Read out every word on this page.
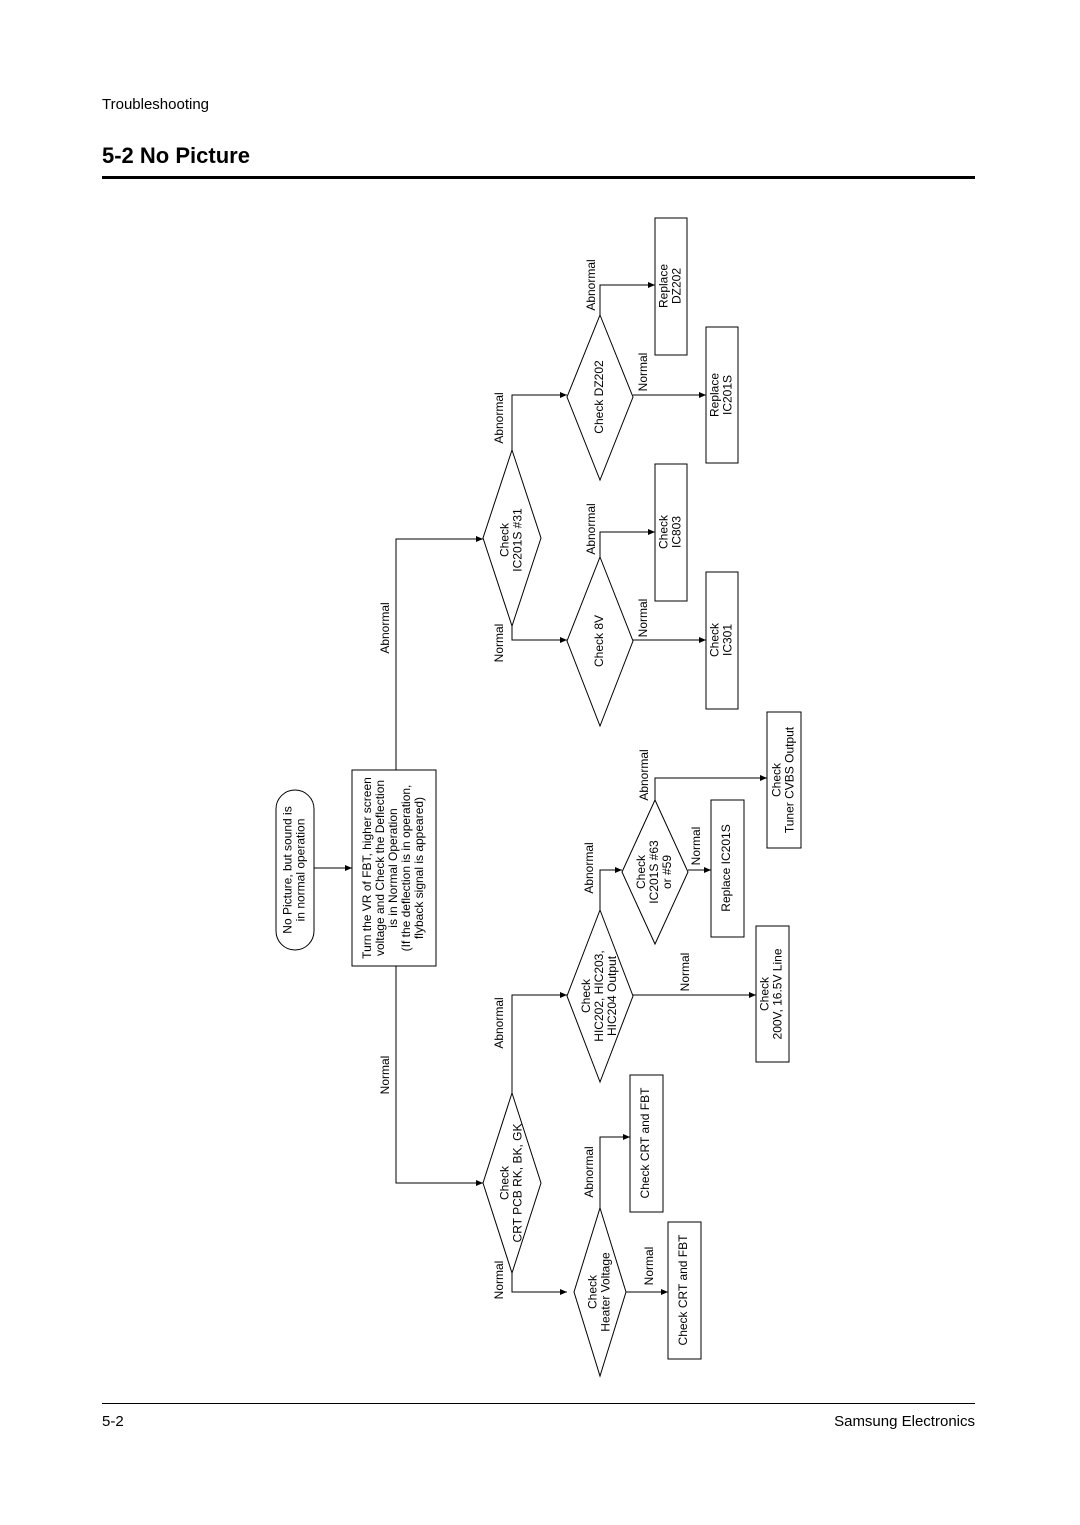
Troubleshooting
5-2 No Picture
No Picture, but sound is in normal operation	Turn the VR of FBT, higher screen voltage and Check the Deflection is in Normal Operation (If the deflection is in operation, flyback signal is appeared)
Check IC201S #31
Check DZ202
Replace DZ202
Replace IC201S
Check 8V
Check IC803
Check IC301
Check CRT PCB RK, BK, GK
Check HIC202, HIC203, HIC204 Output
Check IC201S #63 or #59
Check Tuner CVBS Output
Replace IC201S
Check 200V, 16.5V Line
Check Heater Voltage
Check CRT and FBT
Check CRT and FBT
Abnormal
Normal
Abnormal
Normal
Abnormal
Normal
Abnormal
Normal
Abnormal
Normal
Abnormal
Normal
Abnormal
Normal
Abnormal
Normal
5-2	Samsung Electronics
